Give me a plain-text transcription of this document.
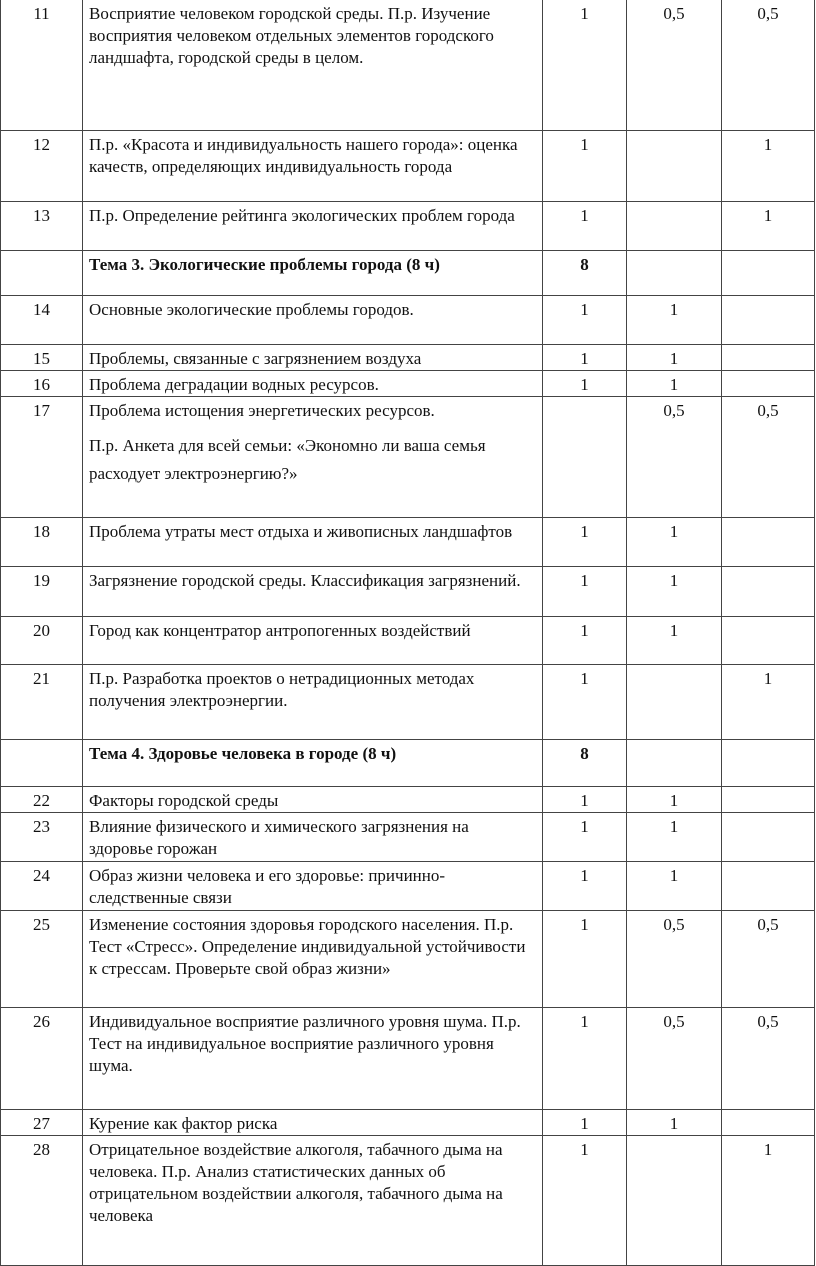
11	Восприятие человеком городской среды. П.р. Изучение восприятия человеком отдельных элементов городского ландшафта, городской среды в целом.	1	0,5	0,5
12	П.р. «Красота и индивидуальность нашего города»: оценка качеств, определяющих индивидуальность города	1		1
13	П.р. Определение рейтинга экологических проблем города	1		1
	Тема 3. Экологические проблемы города (8 ч)	8		
14	Основные экологические проблемы городов.	1	1	
15	Проблемы, связанные с загрязнением воздуха	1	1	
16	Проблема деградации водных ресурсов.	1	1	
17	Проблема истощения энергетических ресурсов.
П.р. Анкета для всей семьи: «Экономно ли ваша семья расходует электроэнергию?»		0,5	0,5
18	Проблема утраты мест отдыха и живописных ландшафтов	1	1	
19	Загрязнение городской среды. Классификация загрязнений.	1	1	
20	Город как концентратор антропогенных воздействий	1	1	
21	П.р. Разработка проектов о нетрадиционных методах получения электроэнергии.	1		1
	Тема 4. Здоровье человека в городе (8 ч)	8		
22	Факторы городской среды	1	1	
23	Влияние физического и химического загрязнения на здоровье горожан	1	1	
24	Образ жизни человека и его здоровье: причинно-следственные связи	1	1	
25	Изменение состояния здоровья городского населения. П.р. Тест «Стресс». Определение индивидуальной устойчивости к стрессам. Проверьте свой образ жизни»	1	0,5	0,5
26	Индивидуальное восприятие различного уровня шума. П.р. Тест на индивидуальное восприятие различного уровня шума.	1	0,5	0,5
27	Курение как фактор риска	1	1	
28	Отрицательное воздействие алкоголя, табачного дыма на человека. П.р. Анализ статистических данных об отрицательном воздействии алкоголя, табачного дыма на человека	1		1
